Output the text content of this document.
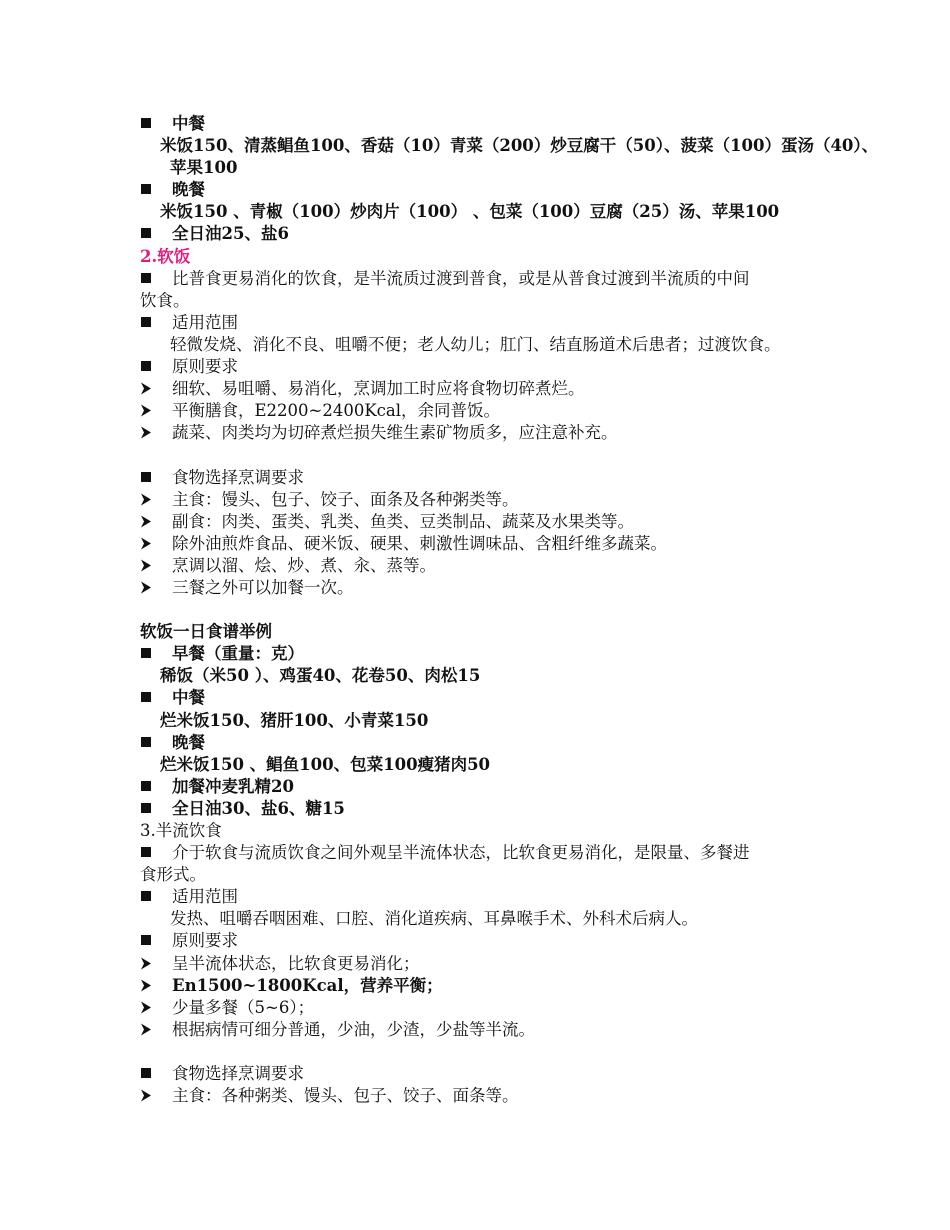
中餐
米饭150、清蒸鲳鱼100、香菇（10）青菜（200）炒豆腐干（50）、菠菜（100）蛋汤（40）、
苹果100
晚餐
米饭150 、青椒（100）炒肉片（100） 、包菜（100）豆腐（25）汤、苹果100
全日油25、盐6
2.软饭
比普食更易消化的饮食，是半流质过渡到普食，或是从普食过渡到半流质的中间
饮食。
适用范围
轻微发烧、消化不良、咀嚼不便；老人幼儿；肛门、结直肠道术后患者；过渡饮食。
原则要求
细软、易咀嚼、易消化，烹调加工时应将食物切碎煮烂。
平衡膳食，E2200~2400Kcal，余同普饭。
蔬菜、肉类均为切碎煮烂损失维生素矿物质多，应注意补充。
食物选择烹调要求
主食：馒头、包子、饺子、面条及各种粥类等。
副食：肉类、蛋类、乳类、鱼类、豆类制品、蔬菜及水果类等。
除外油煎炸食品、硬米饭、硬果、刺激性调味品、含粗纤维多蔬菜。
烹调以溜、烩、炒、煮、汆、蒸等。
三餐之外可以加餐一次。
软饭一日食谱举例
早餐（重量：克）
稀饭（米50 ）、鸡蛋40、花卷50、肉松15
中餐
烂米饭150、猪肝100、小青菜150
晚餐
烂米饭150 、鲳鱼100、包菜100瘦猪肉50
加餐冲麦乳精20
全日油30、盐6、糖15
3.半流饮食
介于软食与流质饮食之间外观呈半流体状态，比软食更易消化，是限量、多餐进
食形式。
适用范围
发热、咀嚼吞咽困难、口腔、消化道疾病、耳鼻喉手术、外科术后病人。
原则要求
呈半流体状态，比软食更易消化；
En1500~1800Kcal，营养平衡；
少量多餐（5~6）；
根据病情可细分普通，少油，少渣，少盐等半流。
食物选择烹调要求
主食：各种粥类、馒头、包子、饺子、面条等。
